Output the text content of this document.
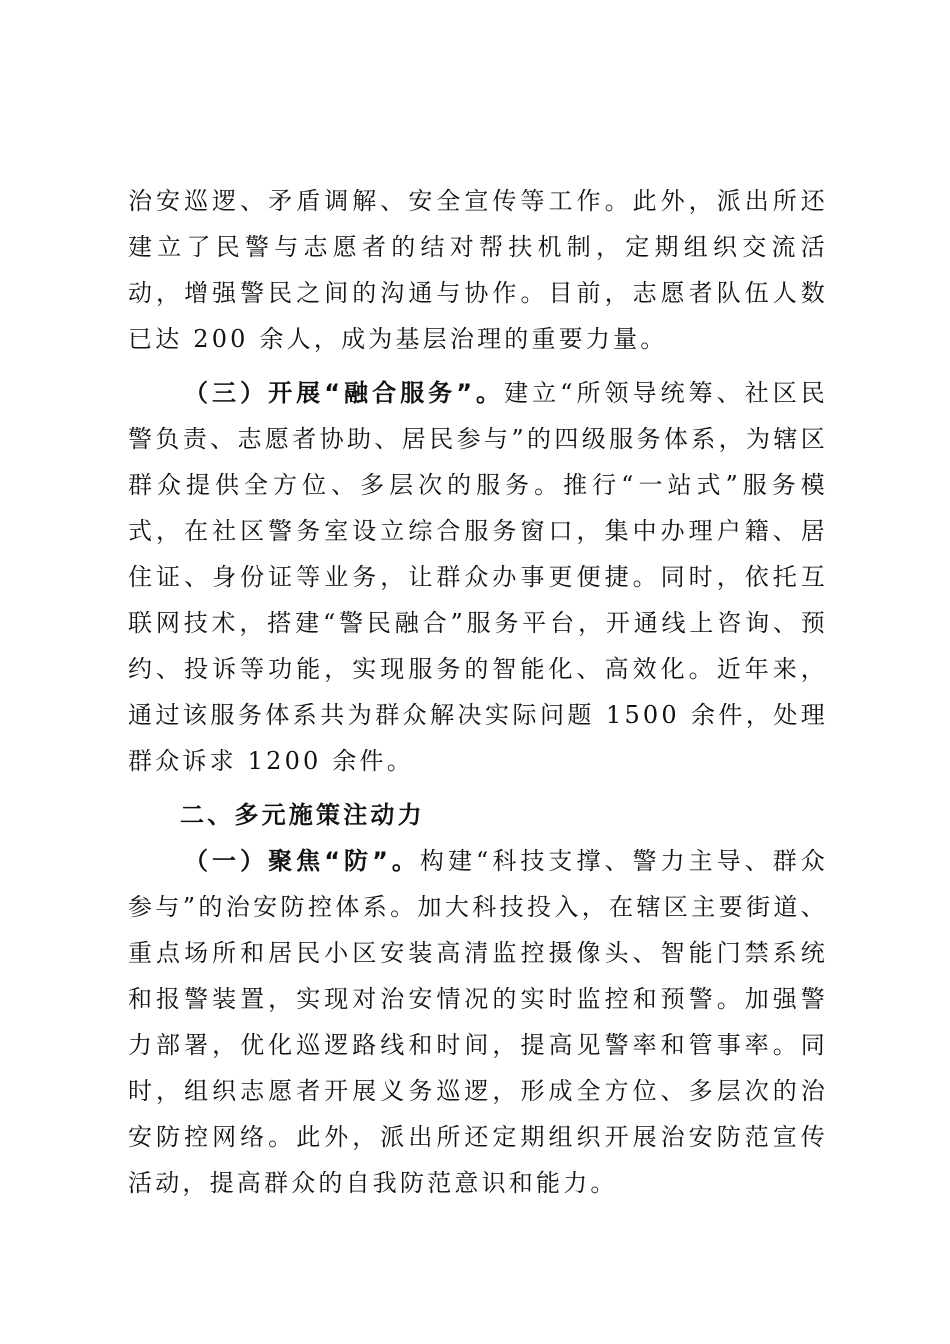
治安巡逻、矛盾调解、安全宣传等工作。此外，派出所还建立了民警与志愿者的结对帮扶机制，定期组织交流活动，增强警民之间的沟通与协作。目前，志愿者队伍人数已达 200 余人，成为基层治理的重要力量。

（三）开展“融合服务”。建立“所领导统筹、社区民警负责、志愿者协助、居民参与”的四级服务体系，为辖区群众提供全方位、多层次的服务。推行“一站式”服务模式，在社区警务室设立综合服务窗口，集中办理户籍、居住证、身份证等业务，让群众办事更便捷。同时，依托互联网技术，搭建“警民融合”服务平台，开通线上咨询、预约、投诉等功能，实现服务的智能化、高效化。近年来，通过该服务体系共为群众解决实际问题 1500 余件，处理群众诉求 1200 余件。

二、多元施策注动力

（一）聚焦“防”。构建“科技支撑、警力主导、群众参与”的治安防控体系。加大科技投入，在辖区主要街道、重点场所和居民小区安装高清监控摄像头、智能门禁系统和报警装置，实现对治安情况的实时监控和预警。加强警力部署，优化巡逻路线和时间，提高见警率和管事率。同时，组织志愿者开展义务巡逻，形成全方位、多层次的治安防控网络。此外，派出所还定期组织开展治安防范宣传活动，提高群众的自我防范意识和能力。
